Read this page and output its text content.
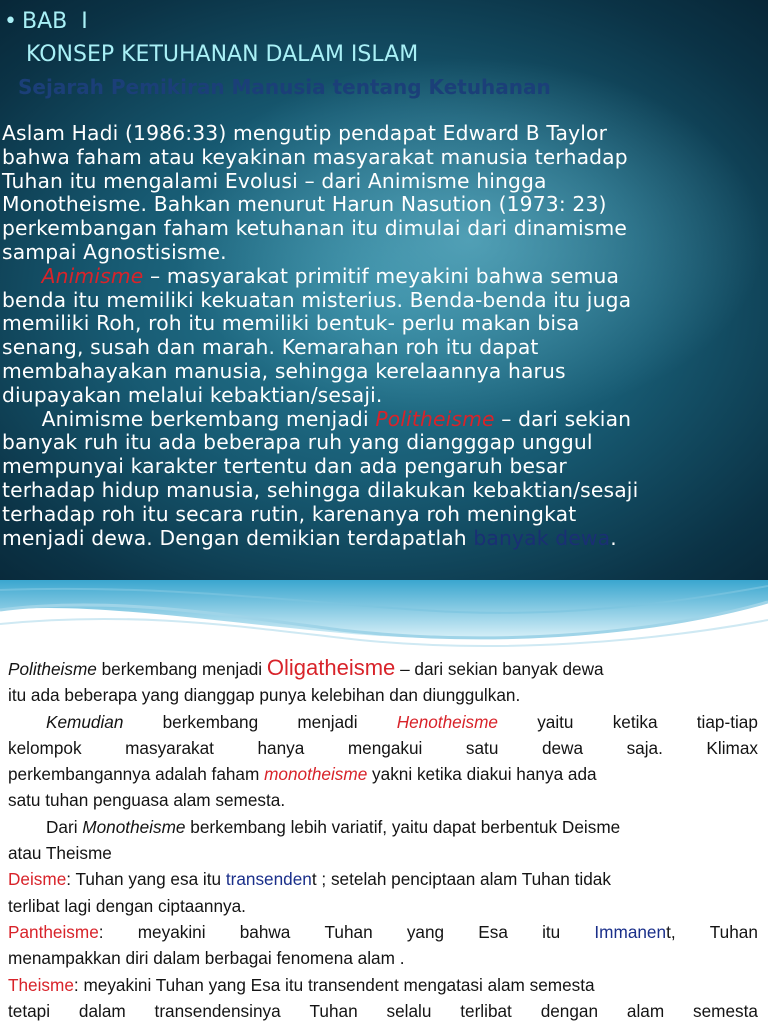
• BAB  I
KONSEP KETUHANAN DALAM ISLAM
Sejarah Pemikiran Manusia tentang Ketuhanan

Aslam Hadi (1986:33) mengutip pendapat Edward B Taylor
bahwa faham atau keyakinan masyarakat manusia terhadap
Tuhan itu mengalami Evolusi – dari Animisme hingga
Monotheisme. Bahkan menurut Harun Nasution (1973: 23)
perkembangan faham ketuhanan itu dimulai dari dinamisme
sampai Agnostisisme.

Animisme – masyarakat primitif meyakini bahwa semua
benda itu memiliki kekuatan misterius. Benda-benda itu juga
memiliki Roh, roh itu memiliki bentuk- perlu makan bisa
senang, susah dan marah. Kemarahan roh itu dapat
membahayakan manusia, sehingga kerelaannya harus
diupayakan melalui kebaktian/sesaji.

Animisme berkembang menjadi Politheisme – dari sekian
banyak ruh itu ada beberapa ruh yang diangggap unggul
mempunyai karakter tertentu dan ada pengaruh besar
terhadap hidup manusia, sehingga dilakukan kebaktian/sesaji
terhadap roh itu secara rutin, karenanya roh meningkat
menjadi dewa. Dengan demikian terdapatlah banyak dewa.

Politheisme berkembang menjadi Oligatheisme – dari sekian banyak dewa
itu ada beberapa yang dianggap punya kelebihan dan diunggulkan.
Kemudian berkembang menjadi Henotheisme yaitu ketika tiap-tiap
kelompok	masyarakat	hanya	mengakui	satu	dewa	saja.	Klimax
perkembangannya adalah faham monotheisme yakni ketika diakui hanya ada
satu tuhan penguasa alam semesta.
Dari Monotheisme berkembang lebih variatif, yaitu dapat berbentuk Deisme
atau Theisme
Deisme: Tuhan yang esa itu transendent ; setelah penciptaan alam Tuhan tidak
terlibat lagi dengan ciptaannya.
Pantheisme: meyakini bahwa Tuhan yang Esa itu Immanent, Tuhan
menampakkan diri dalam berbagai fenomena alam .
Theisme: meyakini Tuhan yang Esa itu transendent mengatasi alam semesta
tetapi dalam transendensinya Tuhan selalu terlibat dengan alam semesta
